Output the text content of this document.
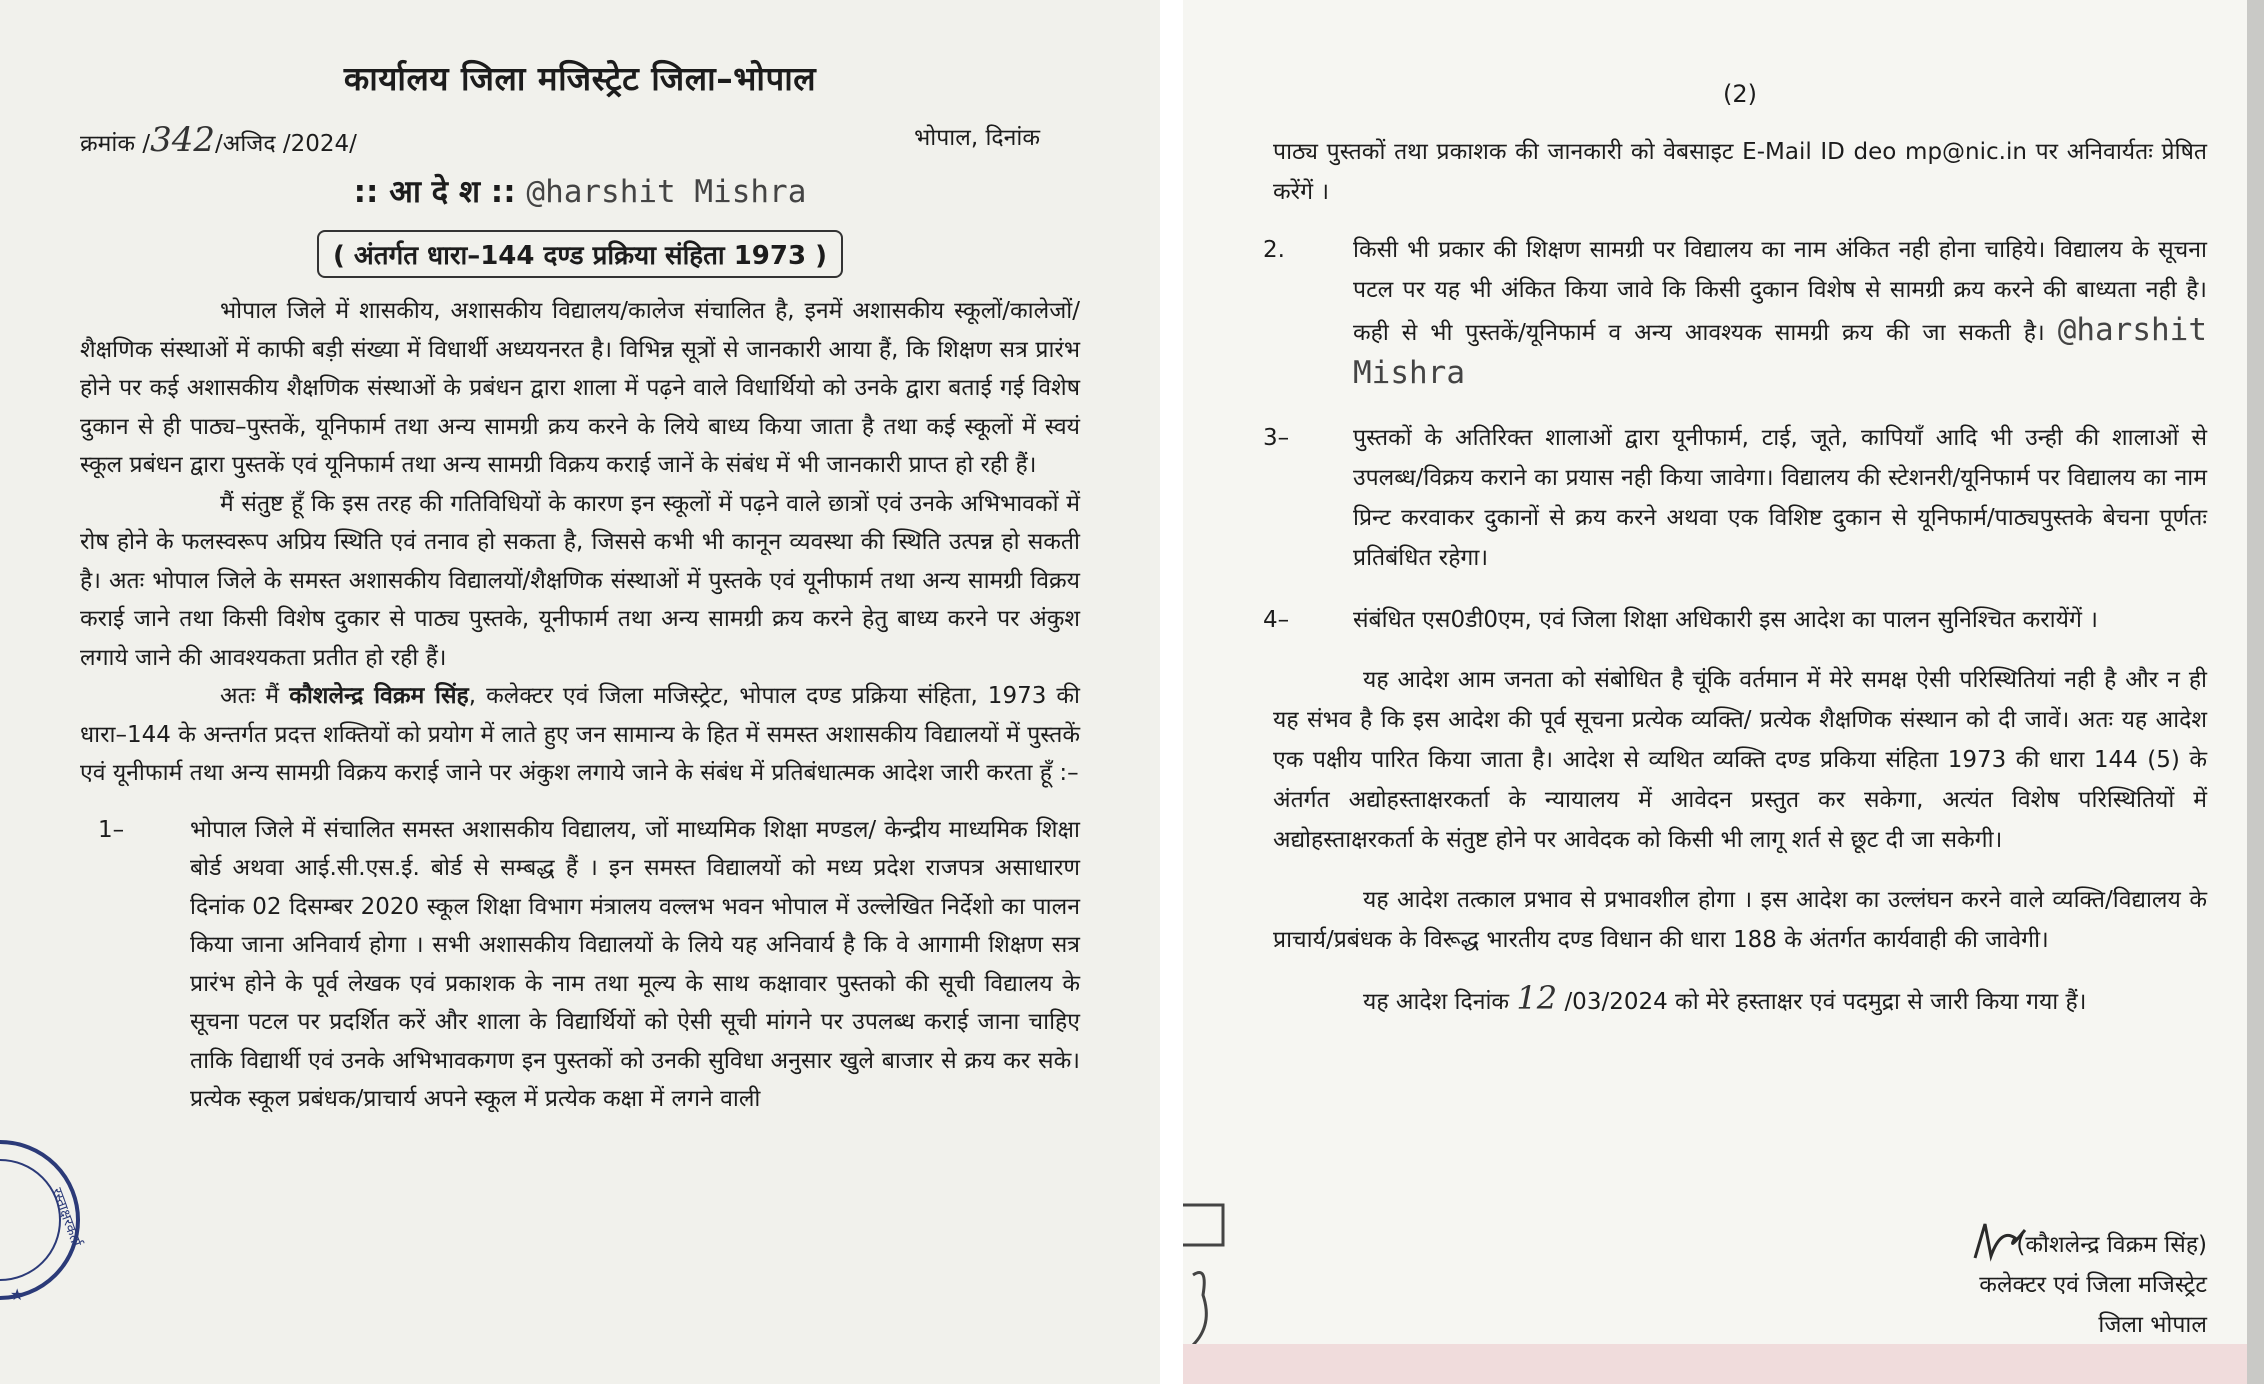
रस्ताक्षरकर्ता
★
कार्यालय जिला मजिस्ट्रेट जिला–भोपाल
क्रमांक /342/अजिद /2024/	भोपाल, दिनांक
:: आ दे श :: @harshit Mishra
( अंतर्गत धारा–144 दण्ड प्रक्रिया संहिता 1973 )

भोपाल जिले में शासकीय, अशासकीय विद्यालय/कालेज संचालित है, इनमें अशासकीय स्कूलों/कालेजों/शैक्षणिक संस्थाओं में काफी बड़ी संख्या में विधार्थी अध्ययनरत है। विभिन्न सूत्रों से जानकारी आया हैं, कि शिक्षण सत्र प्रारंभ होने पर कई अशासकीय शैक्षणिक संस्थाओं के प्रबंधन द्वारा शाला में पढ़ने वाले विधार्थियो को उनके द्वारा बताई गई विशेष दुकान से ही पाठ्य–पुस्तकें, यूनिफार्म तथा अन्य सामग्री क्रय करने के लिये बाध्य किया जाता है तथा कई स्कूलों में स्वयं स्कूल प्रबंधन द्वारा पुस्तकें एवं यूनिफार्म तथा अन्य सामग्री विक्रय कराई जानें के संबंध में भी जानकारी प्राप्त हो रही हैं।

मैं संतुष्ट हूँ कि इस तरह की गतिविधियों के कारण इन स्कूलों में पढ़ने वाले छात्रों एवं उनके अभिभावकों में रोष होने के फलस्वरूप अप्रिय स्थिति एवं तनाव हो सकता है, जिससे कभी भी कानून व्यवस्था की स्थिति उत्पन्न हो सकती है। अतः भोपाल जिले के समस्त अशासकीय विद्यालयों/शैक्षणिक संस्थाओं में पुस्तके एवं यूनीफार्म तथा अन्य सामग्री विक्रय कराई जाने तथा किसी विशेष दुकार से पाठ्य पुस्तके, यूनीफार्म तथा अन्य सामग्री क्रय करने हेतु बाध्य करने पर अंकुश लगाये जाने की आवश्यकता प्रतीत हो रही हैं।

अतः मैं कौशलेन्द्र विक्रम सिंह, कलेक्टर एवं जिला मजिस्ट्रेट, भोपाल दण्ड प्रक्रिया संहिता, 1973 की धारा–144 के अन्तर्गत प्रदत्त शक्तियों को प्रयोग में लाते हुए जन सामान्य के हित में समस्त अशासकीय विद्यालयों में पुस्तकें एवं यूनीफार्म तथा अन्य सामग्री विक्रय कराई जाने पर अंकुश लगाये जाने के संबंध में प्रतिबंधात्मक आदेश जारी करता हूँ :–

1–	भोपाल जिले में संचालित समस्त अशासकीय विद्यालय, जों माध्यमिक शिक्षा मण्डल/ केन्द्रीय माध्यमिक शिक्षा बोर्ड अथवा आई.सी.एस.ई. बोर्ड से सम्बद्ध हैं । इन समस्त विद्यालयों को मध्य प्रदेश राजपत्र असाधारण दिनांक 02 दिसम्बर 2020 स्कूल शिक्षा विभाग मंत्रालय वल्लभ भवन भोपाल में उल्लेखित निर्देशो का पालन किया जाना अनिवार्य होगा । सभी अशासकीय विद्यालयों के लिये यह अनिवार्य है कि वे आगामी शिक्षण सत्र प्रारंभ होने के पूर्व लेखक एवं प्रकाशक के नाम तथा मूल्य के साथ कक्षावार पुस्तको की सूची विद्यालय के सूचना पटल पर प्रदर्शित करें और शाला के विद्यार्थियों को ऐसी सूची मांगने पर उपलब्ध कराई जाना चाहिए ताकि विद्यार्थी एवं उनके अभिभावकगण इन पुस्तकों को उनकी सुविधा अनुसार खुले बाजार से क्रय कर सके। प्रत्येक स्कूल प्रबंधक/प्राचार्य अपने स्कूल में प्रत्येक कक्षा में लगने वाली

(2)

पाठ्य पुस्तकों तथा प्रकाशक की जानकारी को वेबसाइट E-Mail ID deo mp@nic.in पर अनिवार्यतः प्रेषित करेंगें ।

2.	किसी भी प्रकार की शिक्षण सामग्री पर विद्यालय का नाम अंकित नही होना चाहिये। विद्यालय के सूचना पटल पर यह भी अंकित किया जावे कि किसी दुकान विशेष से सामग्री क्रय करने की बाध्यता नही है। कही से भी पुस्तकें/यूनिफार्म व अन्य आवश्यक सामग्री क्रय की जा सकती है। @harshit Mishra

3–	पुस्तकों के अतिरिक्त शालाओं द्वारा यूनीफार्म, टाई, जूते, कापियॉं आदि भी उन्ही की शालाओं से उपलब्ध/विक्रय कराने का प्रयास नही किया जावेगा। विद्यालय की स्टेशनरी/यूनिफार्म पर विद्यालय का नाम प्रिन्ट करवाकर दुकानों से क्रय करने अथवा एक विशिष्ट दुकान से यूनिफार्म/पाठ्यपुस्तके बेचना पूर्णतः प्रतिबंधित रहेगा।

4–	संबंधित एस0डी0एम, एवं जिला शिक्षा अधिकारी इस आदेश का पालन सुनिश्चित करायेंगें ।

यह आदेश आम जनता को संबोधित है चूंकि वर्तमान में मेरे समक्ष ऐसी परिस्थितियां नही है और न ही यह संभव है कि इस आदेश की पूर्व सूचना प्रत्येक व्यक्ति/ प्रत्येक शैक्षणिक संस्थान को दी जावें। अतः यह आदेश एक पक्षीय पारित किया जाता है। आदेश से व्यथित व्यक्ति दण्ड प्रकिया संहिता 1973 की धारा 144 (5) के अंतर्गत अद्योहस्ताक्षरकर्ता के न्यायालय में आवेदन प्रस्तुत कर सकेगा, अत्यंत विशेष परिस्थितियों में अद्योहस्ताक्षरकर्ता के संतुष्ट होने पर आवेदक को किसी भी लागू शर्त से छूट दी जा सकेगी।

यह आदेश तत्काल प्रभाव से प्रभावशील होगा । इस आदेश का उल्लंघन करने वाले व्यक्ति/विद्यालय के प्राचार्य/प्रबंधक के विरूद्ध भारतीय दण्ड विधान की धारा 188 के अंतर्गत कार्यवाही की जावेगी।

यह आदेश दिनांक 12 /03/2024 को मेरे हस्ताक्षर एवं पदमुद्रा से जारी किया गया हैं।

(कौशलेन्द्र विक्रम सिंह)
कलेक्टर एवं जिला मजिस्ट्रेट
जिला भोपाल
